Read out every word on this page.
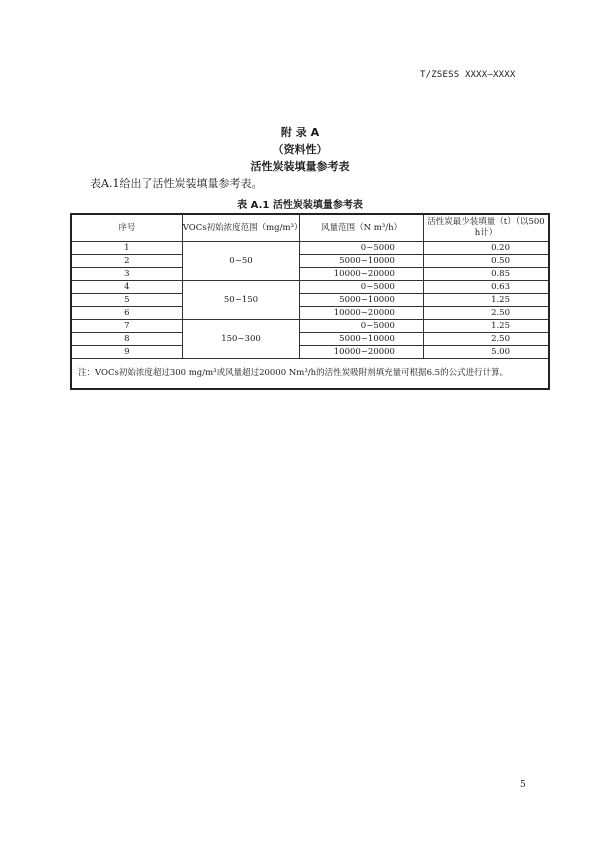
T/ZSESS XXXX—XXXX
附 录 A
（资料性）
活性炭装填量参考表
表A.1给出了活性炭装填量参考表。
表 A.1 活性炭装填量参考表
序号	VOCs初始浓度范围（mg/m³）	风量范围（N m³/h）	活性炭最少装填量（t）（以500 h计）
1	0~50	0~5000	0.20
2		5000~10000	0.50
3		10000~20000	0.85
4	50~150	0~5000	0.63
5		5000~10000	1.25
6		10000~20000	2.50
7	150~300	0~5000	1.25
8		5000~10000	2.50
9		10000~20000	5.00
注：VOCs初始浓度超过300 mg/m³或风量超过20000 Nm³/h的活性炭吸附剂填充量可根据6.5的公式进行计算。			
5
